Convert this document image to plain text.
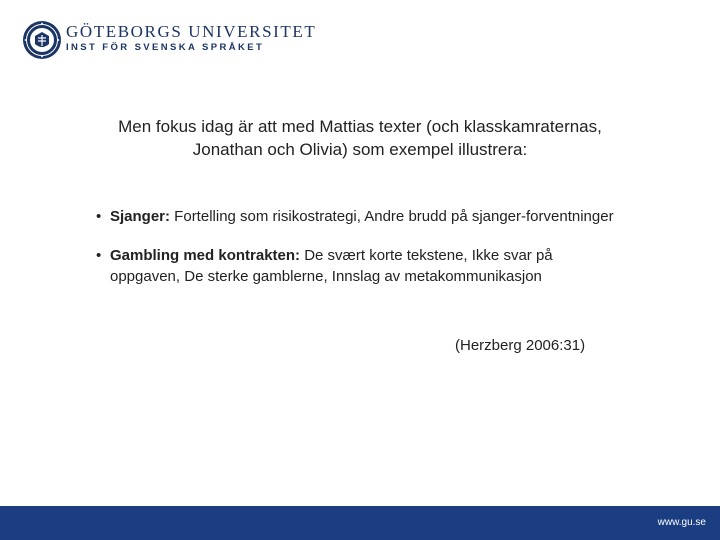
GÖTEBORGS UNIVERSITET
INST FÖR SVENSKA SPRÅKET
Men fokus idag är att med Mattias texter (och klasskamraternas,
Jonathan och Olivia) som exempel illustrera:
• Sjanger: Fortelling som risikostrategi, Andre brudd på sjanger-forventninger
• Gambling med kontrakten: De svært korte tekstene, Ikke svar på oppgaven, De sterke gamblerne, Innslag av metakommunikasjon
(Herzberg 2006:31)
www.gu.se
